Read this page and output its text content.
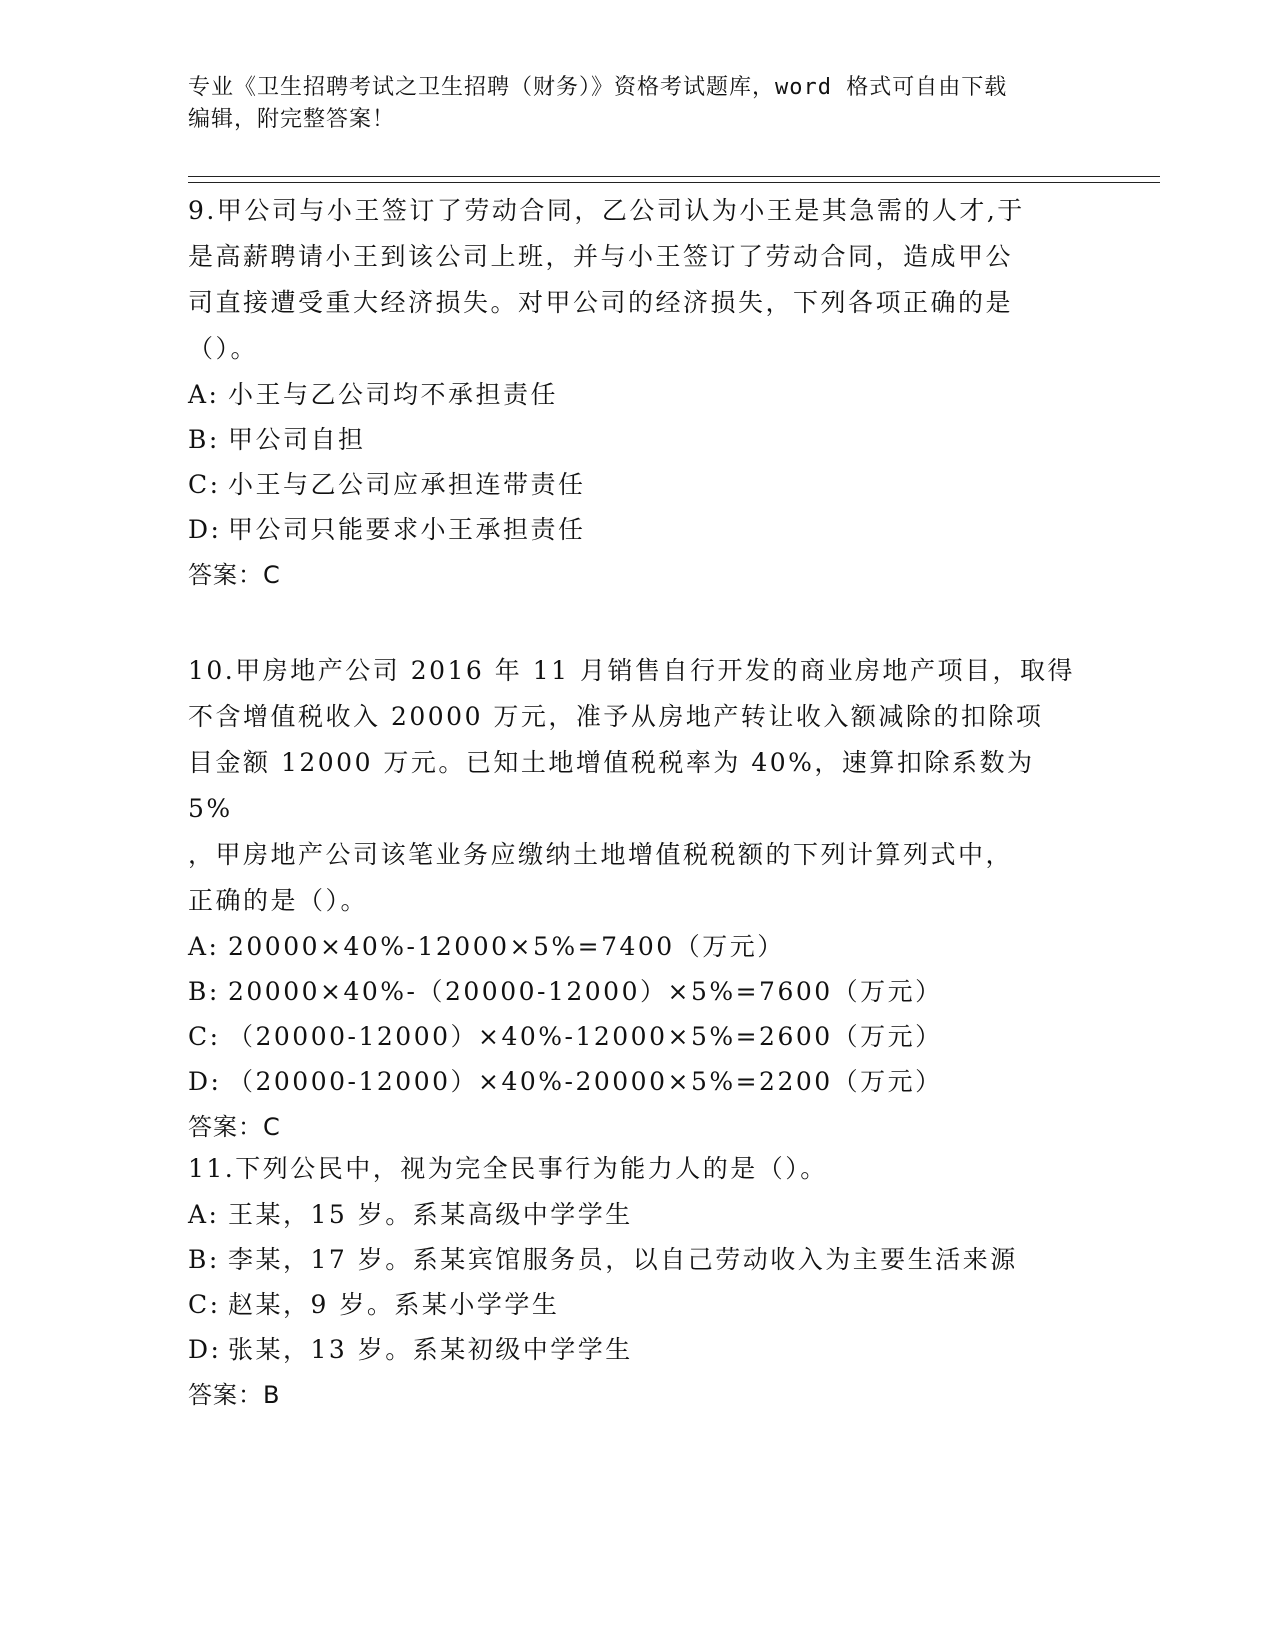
专业《卫生招聘考试之卫生招聘（财务）》资格考试题库，word 格式可自由下载
编辑，附完整答案！

9.甲公司与小王签订了劳动合同，乙公司认为小王是其急需的人才,于

是高薪聘请小王到该公司上班，并与小王签订了劳动合同，造成甲公

司直接遭受重大经济损失。对甲公司的经济损失，下列各项正确的是

（）。

A: 小王与乙公司均不承担责任

B: 甲公司自担

C: 小王与乙公司应承担连带责任

D: 甲公司只能要求小王承担责任

答案：C

10.甲房地产公司 2016 年 11 月销售自行开发的商业房地产项目，取得

不含增值税收入 20000 万元，准予从房地产转让收入额减除的扣除项

目金额 12000 万元。已知土地增值税税率为 40%，速算扣除系数为 5%

，甲房地产公司该笔业务应缴纳土地增值税税额的下列计算列式中，

正确的是（）。

A: 20000×40%-12000×5%=7400（万元）

B: 20000×40%-（20000-12000）×5%=7600（万元）

C: （20000-12000）×40%-12000×5%=2600（万元）

D: （20000-12000）×40%-20000×5%=2200（万元）

答案：C

11.下列公民中，视为完全民事行为能力人的是（）。

A: 王某，15 岁。系某高级中学学生

B: 李某，17 岁。系某宾馆服务员，以自己劳动收入为主要生活来源

C: 赵某，9 岁。系某小学学生

D: 张某，13 岁。系某初级中学学生

答案：B
